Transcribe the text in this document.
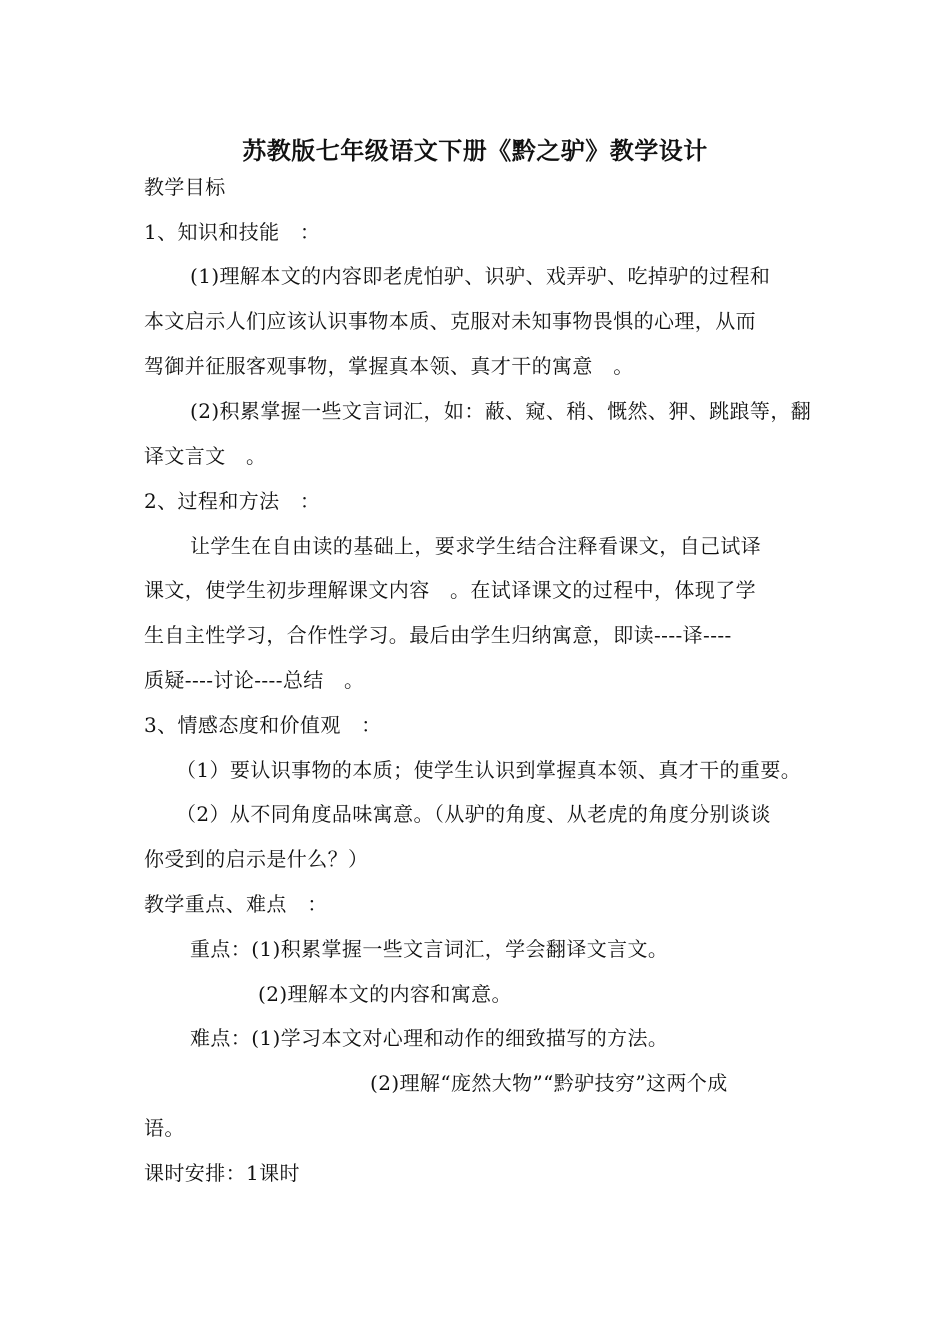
苏教版七年级语文下册《黔之驴》教学设计
教学目标
1、知识和技能　：
(1)理解本文的内容即老虎怕驴、识驴、戏弄驴、吃掉驴的过程和
本文启示人们应该认识事物本质、克服对未知事物畏惧的心理，从而
驾御并征服客观事物，掌握真本领、真才干的寓意　。
(2)积累掌握一些文言词汇，如：蔽、窥、稍、慨然、狎、跳踉等，翻
译文言文　。
2、过程和方法　：
让学生在自由读的基础上，要求学生结合注释看课文，自己试译
课文，使学生初步理解课文内容　。在试译课文的过程中，体现了学
生自主性学习，合作性学习。最后由学生归纳寓意，即读----译----
质疑----讨论----总结　。
3、情感态度和价值观　：
（1）要认识事物的本质；使学生认识到掌握真本领、真才干的重要。
（2）从不同角度品味寓意。（从驴的角度、从老虎的角度分别谈谈
你受到的启示是什么？）
教学重点、难点　：
重点：(1)积累掌握一些文言词汇，学会翻译文言文。
(2)理解本文的内容和寓意。
难点：(1)学习本文对心理和动作的细致描写的方法。
(2)理解“庞然大物”“黔驴技穷”这两个成
语。
课时安排：1课时
